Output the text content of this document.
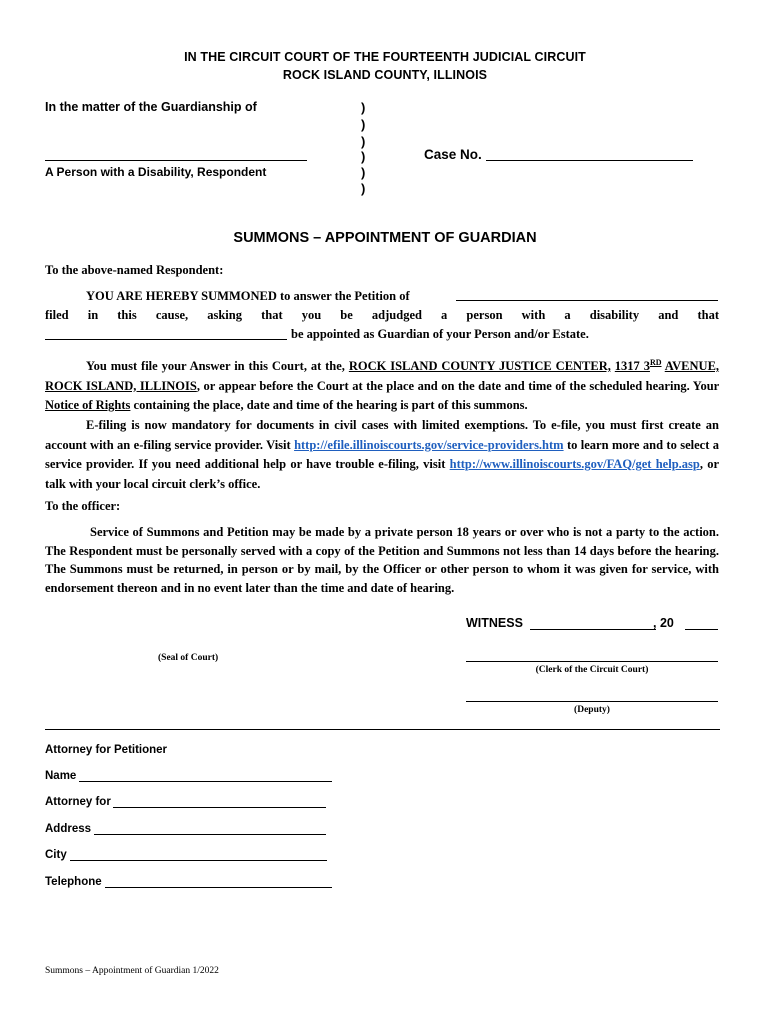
IN THE CIRCUIT COURT OF THE FOURTEENTH JUDICIAL CIRCUIT
ROCK ISLAND COUNTY, ILLINOIS
In the matter of the Guardianship of	)
)
)
)
)
)
A Person with a Disability, Respondent
Case No.
SUMMONS – APPOINTMENT OF GUARDIAN
To the above-named Respondent:
YOU ARE HEREBY SUMMONED to answer the Petition of
filed in this cause, asking that you be adjudged a person with a disability and that
be appointed as Guardian of your Person and/or Estate.
You must file your Answer in this Court, at the, ROCK ISLAND COUNTY JUSTICE CENTER, 1317 3RD AVENUE, ROCK ISLAND, ILLINOIS, or appear before the Court at the place and on the date and time of the scheduled hearing. Your Notice of Rights containing the place, date and time of the hearing is part of this summons.
E-filing is now mandatory for documents in civil cases with limited exemptions. To e-file, you must first create an account with an e-filing service provider. Visit http://efile.illinoiscourts.gov/service-providers.htm to learn more and to select a service provider. If you need additional help or have trouble e-filing, visit http://www.illinoiscourts.gov/FAQ/get help.asp, or talk with your local circuit clerk’s office.
To the officer:
Service of Summons and Petition may be made by a private person 18 years or over who is not a party to the action. The Respondent must be personally served with a copy of the Petition and Summons not less than 14 days before the hearing. The Summons must be returned, in person or by mail, by the Officer or other person to whom it was given for service, with endorsement thereon and in no event later than the time and date of hearing.
WITNESS	, 20
(Seal of Court)
(Clerk of the Circuit Court)
(Deputy)
Attorney for Petitioner
Name
Attorney for
Address
City
Telephone
Summons – Appointment of Guardian 1/2022
